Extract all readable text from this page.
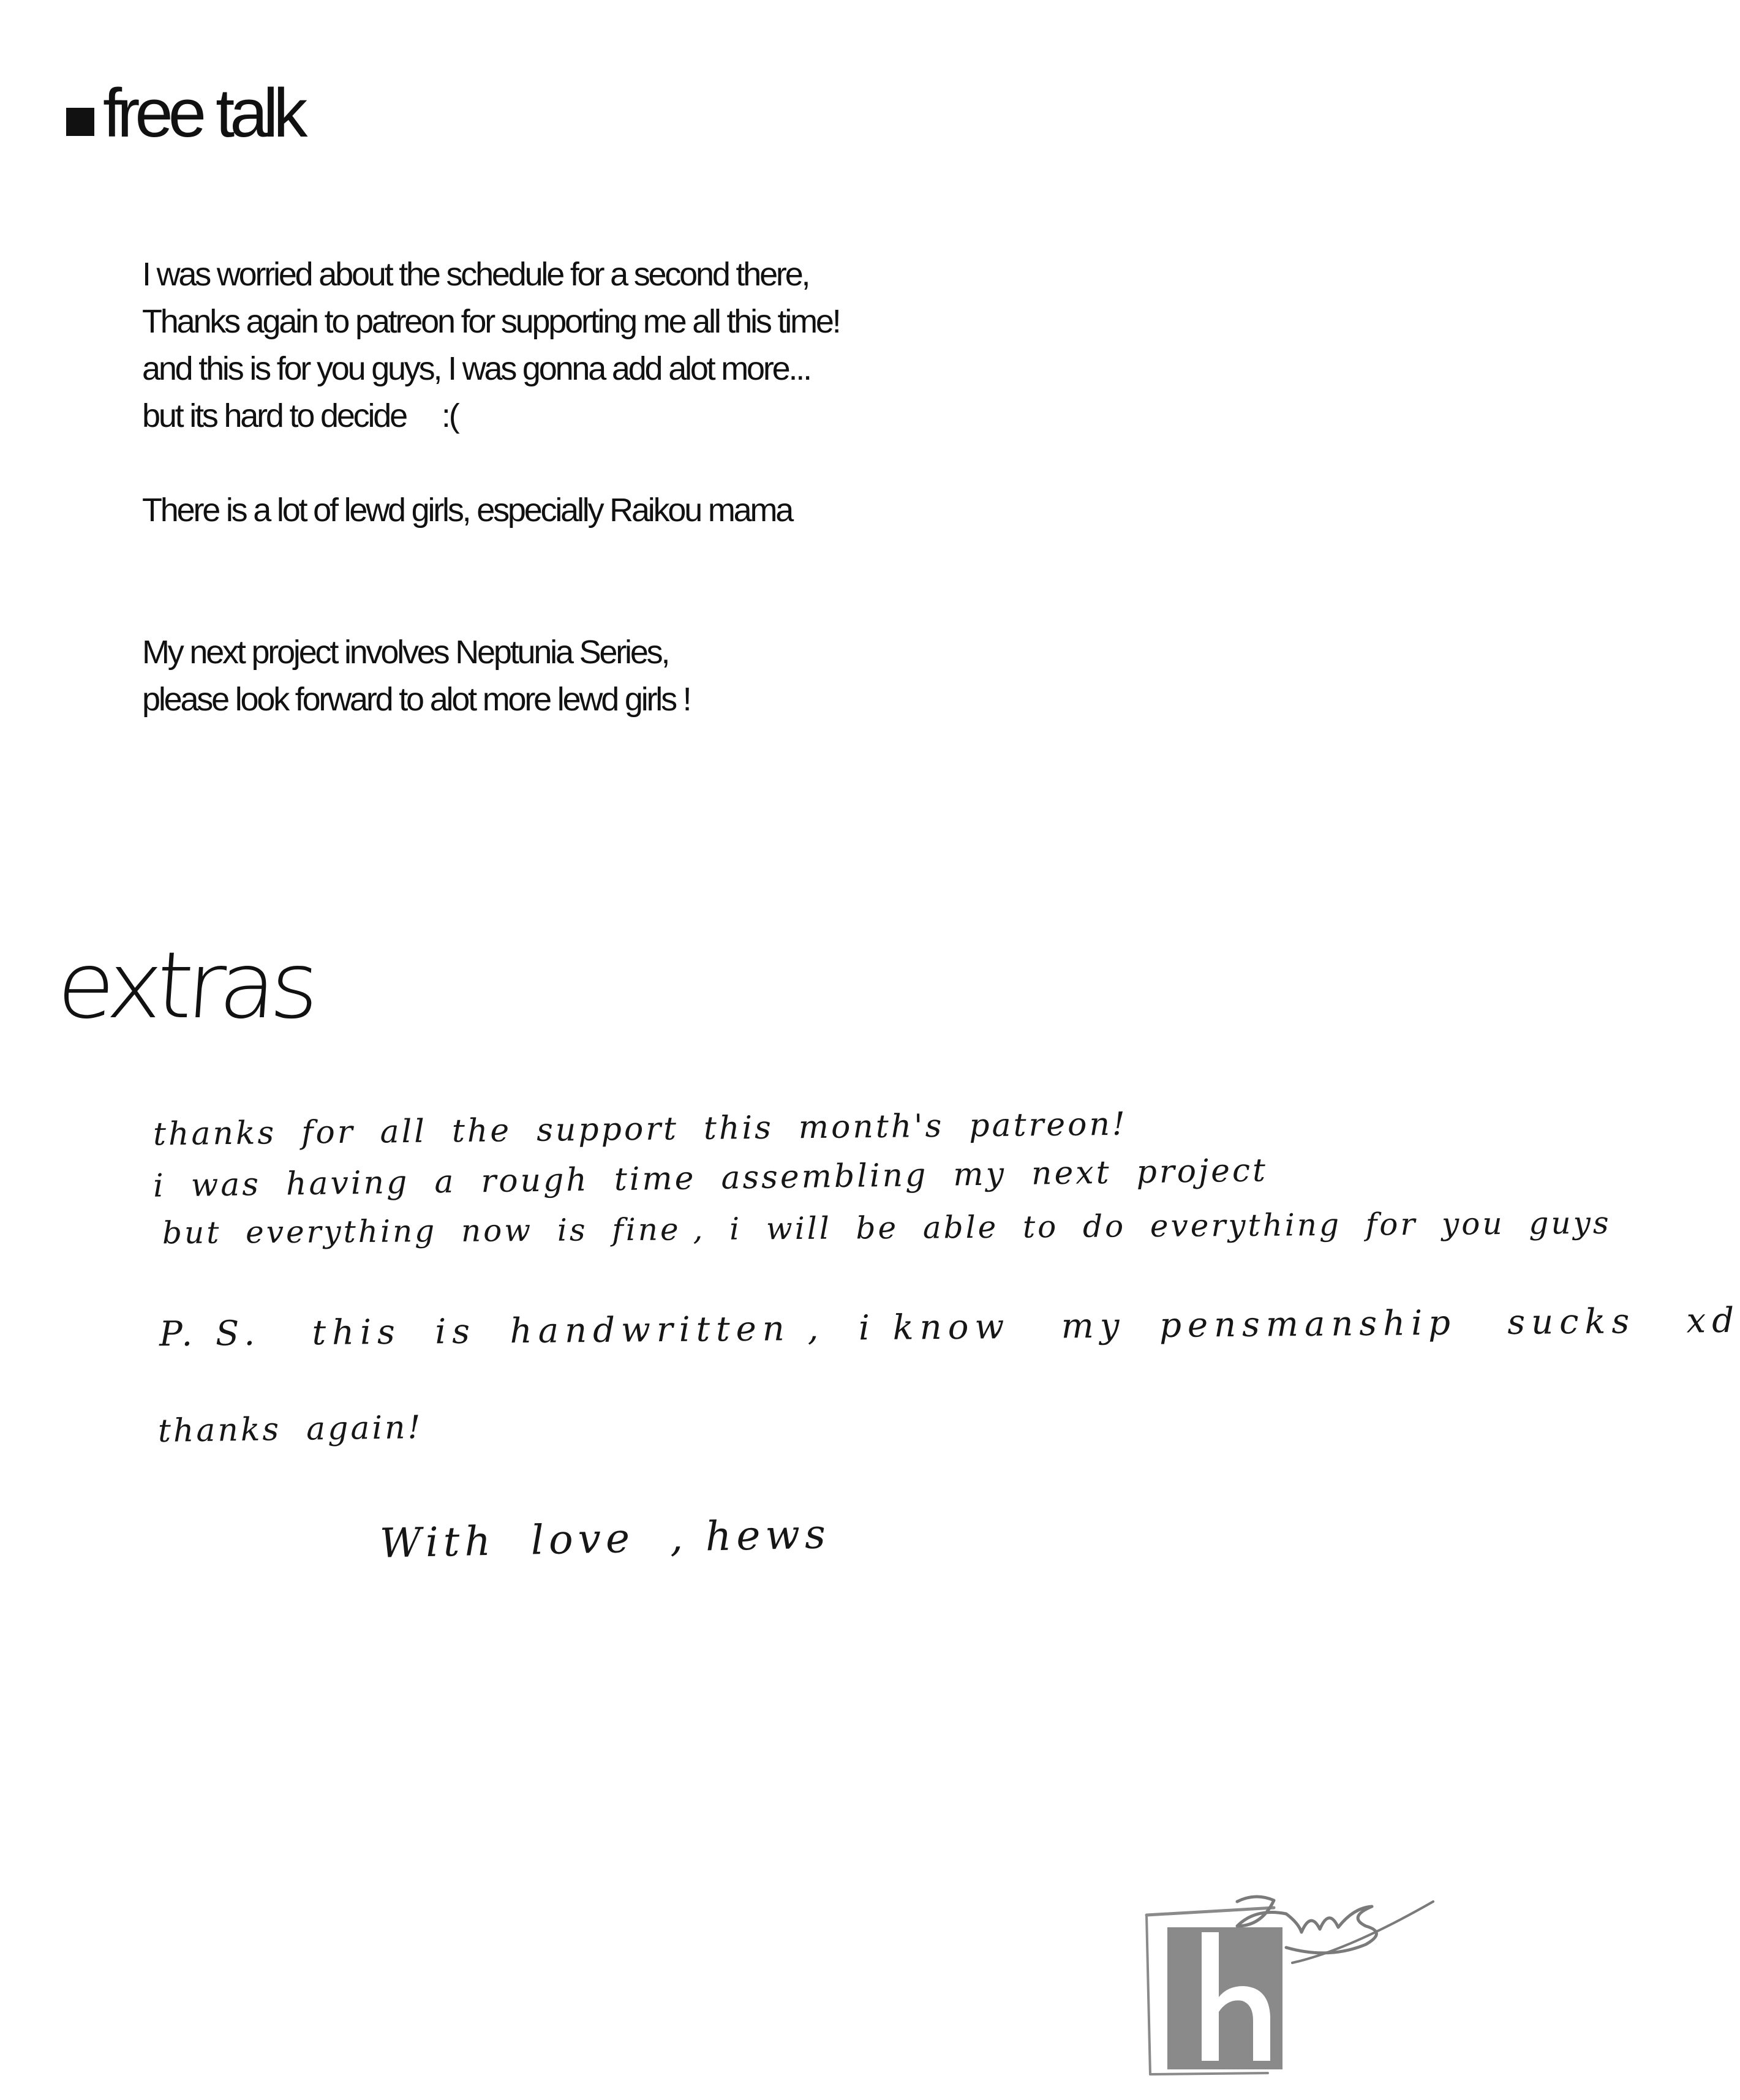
free talk
I was worried about the schedule for a second there,
Thanks again to patreon for supporting me all this time!
and this is for you guys, I was gonna add alot more...
but its hard to decide :(
There is a lot of lewd girls, especially Raikou mama
My next project involves Neptunia Series,
please look forward to alot more lewd girls !
extras
thanks  for  all  the  support  this  month's  patreon!
i  was  having  a  rough  time  assembling  my  next  project
but  everything  now  is  fine ,  i  will  be  able  to  do  everything  for  you  guys
P. S.   this  is  handwritten ,  i know   my  pensmanship   sucks   xd
thanks  again!
With  love  , hews
